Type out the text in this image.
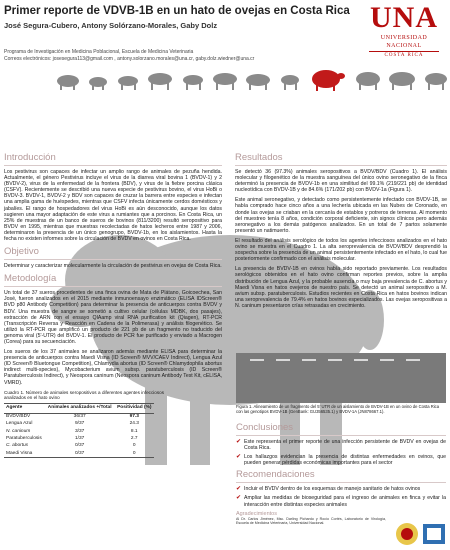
Primer reporte de VDVB-1B en un hato de ovejas en Costa Rica
José Segura-Cubero, Antony Solórzano-Morales, Gaby Dolz
Programa de Investigación en Medicina Poblacional, Escuela de Medicina Veterinaria
Correos electrónicos: josesegura113@gmail.com , antony.solorzano.morales@una.cr, gaby.dolz.wiedner@una.cr
UNA
UNIVERSIDAD
NACIONAL
COSTA RICA
Introducción
Los pestivirus son capaces de infectar un amplio rango de animales de pezuña hendida. Actualmente, el género Pestivirus incluye el virus de la diarrea viral bovina 1 (BVDV-1) y 2 (BVDV-2), virus de la enfermedad de la frontera (BDV), y virus de la fiebre porcina clásica (CSFV). Recientemente se describió una nueva especie de pestivirus bovino, el virus HoBi o BVDV-3. BVDV-1, BVDV-2 y BDV son capaces de cruzar la barrera entre especies e infectan una amplia gama de huéspedes, mientras que CSFV infecta únicamente cerdos domésticos y jabalíes. El rango de hospedadores del virus HoBi es aún desconocido, aunque los datos sugieren una mayor adaptación de este virus a rumiantes que a porcinos. En Costa Rica, un 25% de muestras de un banco de sueros de bovinos (811/3200) resultó seropositivo para BVDV en 1995, mientras que muestras recolectadas de hatos lecheros entre 1987 y 2006, determinaron la presencia de un único genogrupo, BVDV-1b, en los aislamientos. Hasta la fecha no existen informes sobre la circulación de BVDV en ovinos en Costa Rica.
Objetivo
Determinar y caracterizar molecularmente la circulación de pestivirus en ovejas de Costa Rica.
Metodología
Un total de 37 sueros procedentes de una finca ovina de Mata de Plátano, Goicoechea, San José, fueron analizados en el 2015 mediante inmunoensayo enzimático (ELISA IDScreen® BVD p80 Antibody Competition) para determinar la presencia de anticuerpos contra BVDV y BDV. Una muestra de sangre se sometió a cultivo celular (células MDBK, dos pasajes), extracción de ARN con el ensayo QIAamp viral RNA purification kit (Qiagen), RT-PCR (Transcripción Reversa y Reacción en Cadena de la Polimerasa) y análisis filogenético. Se utilizó la RT-PCR que amplificó un producto de 221 pb de un fragmento no traducido del genoma viral (5'-UTR) del BVDV-1. El producto de PCR fue purificado y enviado a Macrogen (Corea) para su secuenciación.
Los sueros de los 37 animales se analizaron además mediante ELISA para determinar la presencia de anticuerpos contra Maedi Visna (ID Screen® MVV/CAEV Indirect), Lengua Azul (ID Screen® Bluetongue Competition), Chlamydia abortus (ID Screen® Chlamydophila abortus indirect multi-species), Mycobacterium avium subsp. paratuberculosis (ID Screen® Paratuberculosis Indirect), y Neospora caninum (Neospora caninum Antibody Test Kit, cELISA, VMRD).
Cuadro 1. Número de animales seropositivos a diferentes agentes infecciosos analizados en el hato ovino
Agente	Animales analizados +/Total	Positividad (%)
BVDV/BDV	36/37	97.3
Lengua Azul	9/37	24.3
N. caninum	3/37	8.1
Paratuberculosis	1/37	2.7
C. abortus	0/37	0
Maedi Visna	0/37	0
Resultados
Se detectó 36 (97.3%) animales seropositivos a BVDV/BDV (Cuadro 1). El análisis molecular y filogenético de la muestra sanguínea del único ovino seronegativo de la finca determinó la presencia de BVDV-1b en una similitud del 99.1% (219/221 pb) de identidad nucleotídica con BVDV-1B y de 84.6% (171/202 pb) con BVDV-1a (Figura 1).
Este animal seronegativo, y detectado como persistentemente infectado con BVDV-1B, se había comprado hace cinco años a una lechería ubicada en las Nubes de Coronado, en donde las ovejas se criaban en la cercanía de establos y potreros de terneras. Al momento del muestreo tenía 8 años, condición corporal deficiente, sin signos clínicos pero además seronegativo a los demás patógenos analizados. En un total de 7 partos solamente presentó un natimuerto.
El resultado del análisis serológico de todos los agentes infecciosos analizados en el hato ovino se muestra en el Cuadro 1. La alta seroprevalencia de BVDV/BDV desprendió la sospecha sobre la presencia de un animal persistentemente infectado en el hato, lo cual fue posteriormente confirmado con el análisis molecular.
La presencia de BVDV-1B en ovinos había sido reportado previamente. Los resultados serológicos obtenidos en el hato ovino confirman reportes previos, sobre la amplia distribución de Lengua Azul, y la probable ausencia o muy baja prevalencia de C. abortus y Maedi Visna en hatos ovejeros de nuestro país. Se detectó un animal seropositivo a M. avium subsp. paratuberculosis. Estudios recientes en Costa Rica en hatos bovinos indican una seroprevalencia de 79.4% en hatos bovinos especializados. Las ovejas seropositivas a N. caninum presentaron crías retrasadas en crecimiento.
Figura 1. Alineamiento de un fragmento del 5' UTR de un aislamiento de BVDV-1B en un ovino de Costa Rica con las genotipos BVDV-1B (GenBank: GU356535.1) y BVDV-1A (JN878667.1).
Conclusiones
✔ Este representa el primer reporte de una infección persistente de BVDV en ovejas de Costa Rica.
✔ Los hallazgos evidencian la presencia de distintas enfermedades en ovinos, que pueden generar pérdidas económicas importantes para el sector
Recomendaciones
✔ Incluir el BVDV dentro de los esquemas de manejo sanitario de hatos ovinos
✔ Ampliar las medidas de bioseguridad para el ingreso de animales en finca y evitar la interacción entre distintas especies animales
Agradecimientos
Al Dr. Carlos Jiménez, Msc. Darling Pichardo y Rocío Cortés, Laboratorio de Virología, Escuela de Medicina Veterinaria, Universidad Nacional.
